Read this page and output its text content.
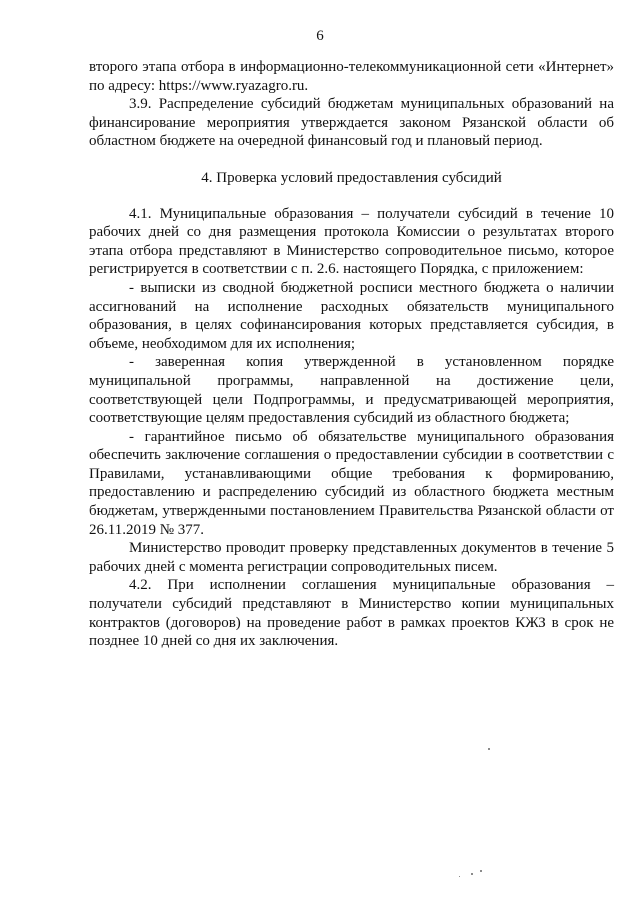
6

второго этапа отбора в информационно-телекоммуникационной сети «Интернет» по адресу: https://www.ryazagro.ru.

3.9. Распределение субсидий бюджетам муниципальных образований на финансирование мероприятия утверждается законом Рязанской области об областном бюджете на очередной финансовый год и плановый период.

4. Проверка условий предоставления субсидий

4.1. Муниципальные образования – получатели субсидий в течение 10 рабочих дней со дня размещения протокола Комиссии о результатах второго этапа отбора представляют в Министерство сопроводительное письмо, которое регистрируется в соответствии с п. 2.6. настоящего Порядка, с приложением:

- выписки из сводной бюджетной росписи местного бюджета о наличии ассигнований на исполнение расходных обязательств муниципального образования, в целях софинансирования которых представляется субсидия, в объеме, необходимом для их исполнения;

- заверенная копия утвержденной в установленном порядке муниципальной программы, направленной на достижение цели, соответствующей цели Подпрограммы, и предусматривающей мероприятия, соответствующие целям предоставления субсидий из областного бюджета;

- гарантийное письмо об обязательстве муниципального образования обеспечить заключение соглашения о предоставлении субсидии в соответствии с Правилами, устанавливающими общие требования к формированию, предоставлению и распределению субсидий из областного бюджета местным бюджетам, утвержденными постановлением Правительства Рязанской области от 26.11.2019 № 377.

Министерство проводит проверку представленных документов в течение 5 рабочих дней с момента регистрации сопроводительных писем.

4.2. При исполнении соглашения муниципальные образования – получатели субсидий представляют в Министерство копии муниципальных контрактов (договоров) на проведение работ в рамках проектов КЖЗ в срок не позднее 10 дней со дня их заключения.
